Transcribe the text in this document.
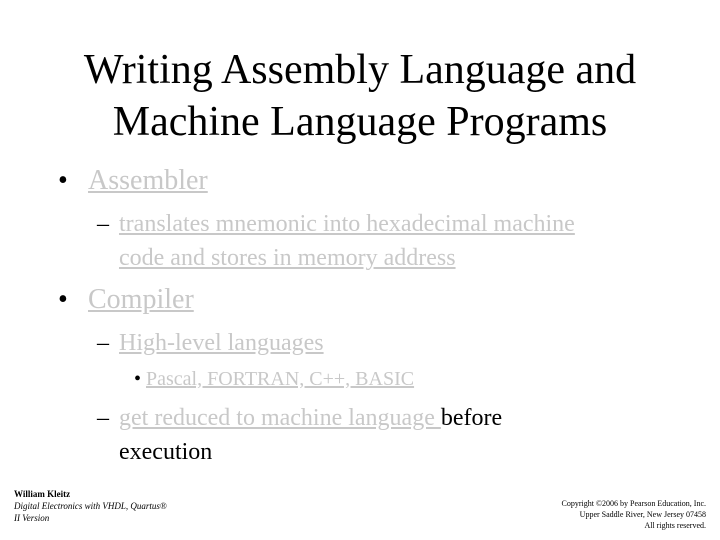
Writing Assembly Language and
Machine Language Programs
• Assembler
– translates mnemonic into hexadecimal machine
code and stores in memory address
• Compiler
– High-level languages
• Pascal, FORTRAN, C++, BASIC
– get reduced to machine language before
execution
William Kleitz
Digital Electronics with VHDL, Quartus®
II Version
Copyright ©2006 by Pearson Education, Inc.
Upper Saddle River, New Jersey 07458
All rights reserved.
